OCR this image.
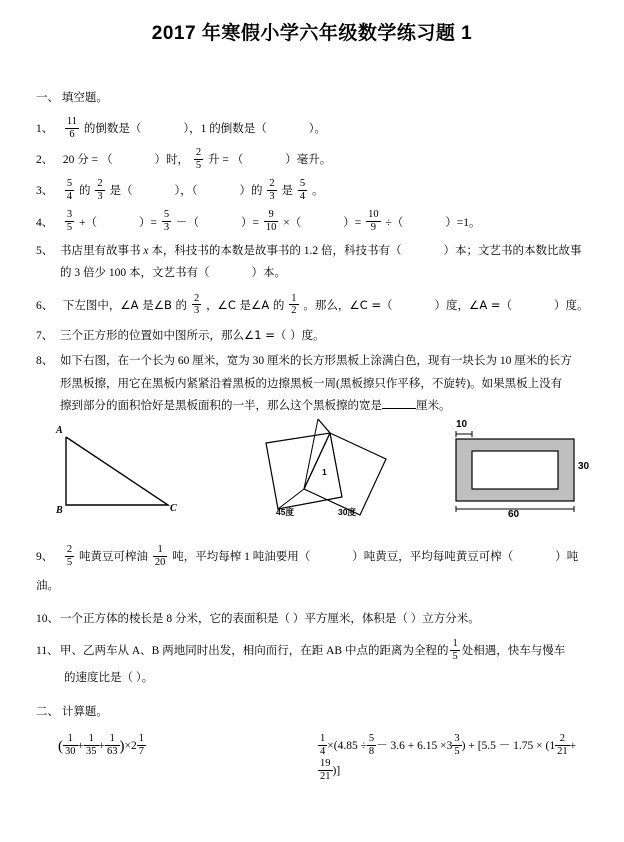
2017 年寒假小学六年级数学练习题 1
一、 填空题。
1、 $\frac{11}{6}$ 的倒数是（	），1 的倒数是（	）。
2、 20 分 = （	）时， $\frac{2}{5}$ 升 = （	）毫升。
3、 $\frac{5}{4}$ 的 $\frac{2}{3}$ 是（	），（	）的 $\frac{2}{3}$ 是 $\frac{5}{4}$ 。
4、 $\frac{3}{5}$ +（	）= $\frac{5}{3}$ －（	）= $\frac{9}{10}$ ×（	）= $\frac{10}{9}$ ÷（	）=1。
5、 书店里有故事书 x 本，科技书的本数是故事书的 1.2 倍，科技书有（	）本；文艺书的本数比故事
的 3 倍少 100 本，文艺书有（	）本。
6、 下左图中，∠A 是∠B 的 $\frac{2}{3}$ ，∠C 是∠A 的 $\frac{1}{2}$ 。那么，∠C =（	）度，∠A =（	）度。
7、 三个正方形的位置如中图所示，那么∠1 =（ ）度。
8、 如下右图，在一个长为 60 厘米，宽为 30 厘米的长方形黑板上涂满白色，现有一块长为 10 厘米的长方
形黑板擦，用它在黑板内紧紧沿着黑板的边擦黑板一周(黑板擦只作平移，不旋转)。如果黑板上没有
擦到部分的面积恰好是黑板面积的一半，那么这个黑板擦的宽是	厘米。
A
B	C
1
45度	30度
10
30
60
9、 $\frac{2}{5}$ 吨黄豆可榨油 $\frac{1}{20}$ 吨，平均每榨 1 吨油要用（	）吨黄豆，平均每吨黄豆可榨（	）吨油。
10、一个正方体的棱长是 8 分米，它的表面积是（ ）平方厘米，体积是（ ）立方分米。
11、甲、乙两车从 A、B 两地同时出发，相向而行，在距 AB 中点的距离为全程的 $\frac{1}{5}$ 处相遇，快车与慢车
的速度比是（ ）。
二、 计算题。
( $\frac{1}{30} + \frac{1}{35} + \frac{1}{63} )\times 2 \frac{1}{7}$	$\frac{1}{4} \times(4.85 \div \frac{5}{8} - 3.6 + 6.15 \times 3 \frac{3}{5}$ ) + [$5.5 - 1.75 \times (1 \frac{2}{21}$ +
$\frac{19}{21}$ )]
